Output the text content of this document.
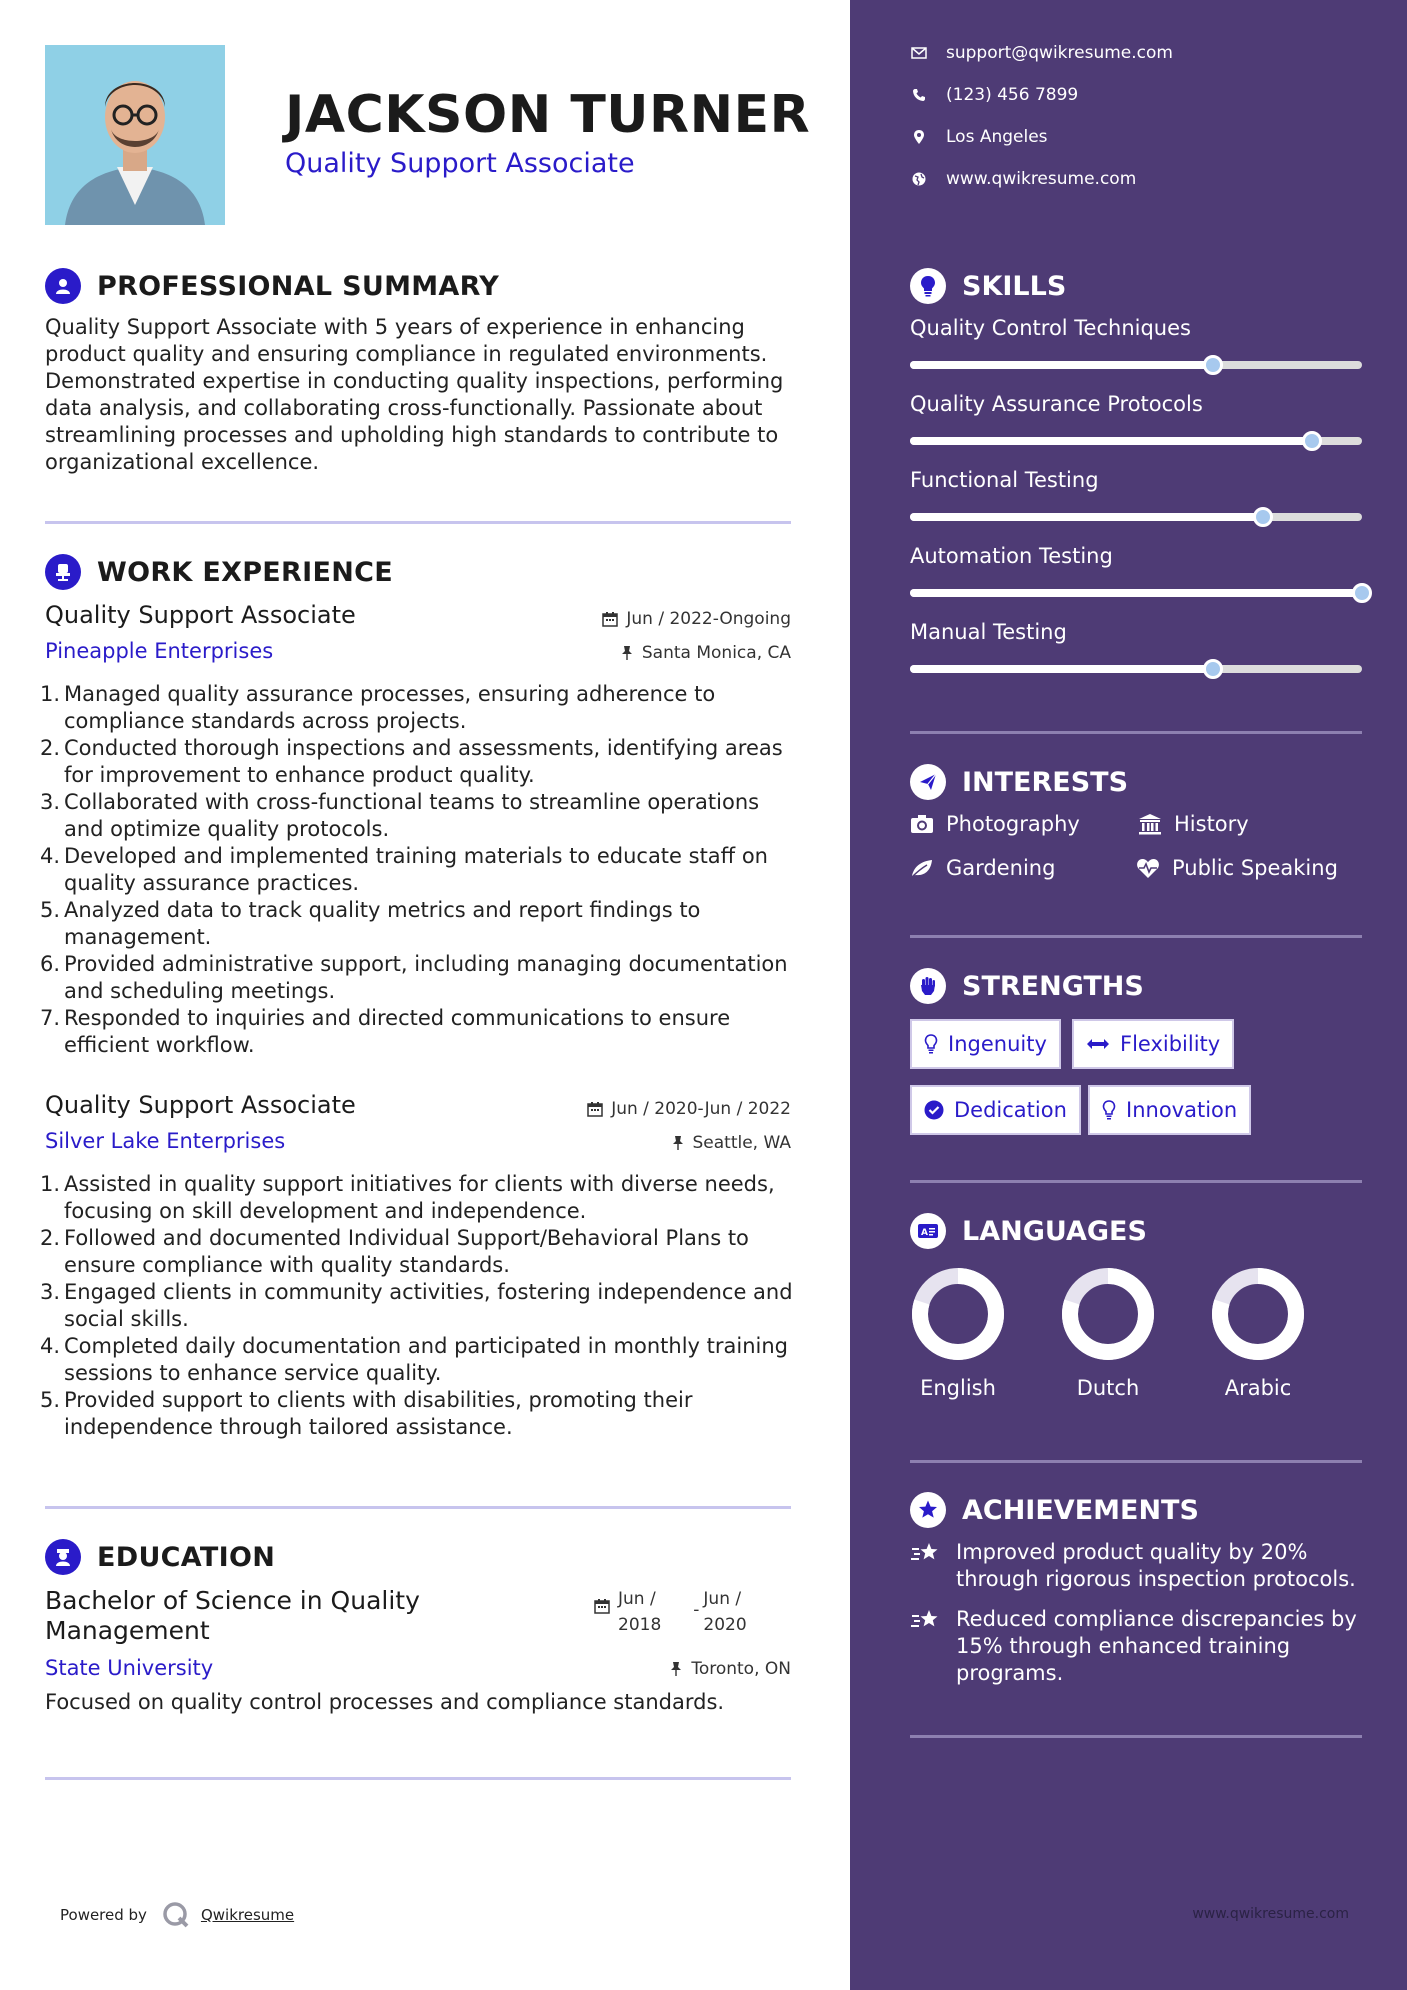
JACKSON TURNER
Quality Support Associate
PROFESSIONAL SUMMARY
Quality Support Associate with 5 years of experience in enhancing product quality and ensuring compliance in regulated environments. Demonstrated expertise in conducting quality inspections, performing data analysis, and collaborating cross-functionally. Passionate about streamlining processes and upholding high standards to contribute to organizational excellence.
WORK EXPERIENCE
Quality Support Associate	Jun / 2022-Ongoing
Pineapple Enterprises	Santa Monica, CA
1. Managed quality assurance processes, ensuring adherence to compliance standards across projects.
2. Conducted thorough inspections and assessments, identifying areas for improvement to enhance product quality.
3. Collaborated with cross-functional teams to streamline operations and optimize quality protocols.
4. Developed and implemented training materials to educate staff on quality assurance practices.
5. Analyzed data to track quality metrics and report findings to management.
6. Provided administrative support, including managing documentation and scheduling meetings.
7. Responded to inquiries and directed communications to ensure efficient workflow.
Quality Support Associate	Jun / 2020-Jun / 2022
Silver Lake Enterprises	Seattle, WA
1. Assisted in quality support initiatives for clients with diverse needs, focusing on skill development and independence.
2. Followed and documented Individual Support/Behavioral Plans to ensure compliance with quality standards.
3. Engaged clients in community activities, fostering independence and social skills.
4. Completed daily documentation and participated in monthly training sessions to enhance service quality.
5. Provided support to clients with disabilities, promoting their independence through tailored assistance.
EDUCATION
Bachelor of Science in Quality Management
Jun /
2018
-
Jun /
2020
State University	Toronto, ON
Focused on quality control processes and compliance standards.
Powered by	Qwikresume
support@qwikresume.com
(123) 456 7899
Los Angeles
www.qwikresume.com
SKILLS
Quality Control Techniques
Quality Assurance Protocols
Functional Testing
Automation Testing
Manual Testing
INTERESTS
Photography	History
Gardening	Public Speaking
STRENGTHS
Ingenuity	Flexibility
Dedication	Innovation
A LANGUAGES
English	Dutch	Arabic
ACHIEVEMENTS
Improved product quality by 20% through rigorous inspection protocols.
Reduced compliance discrepancies by 15% through enhanced training programs.
www.qwikresume.com
